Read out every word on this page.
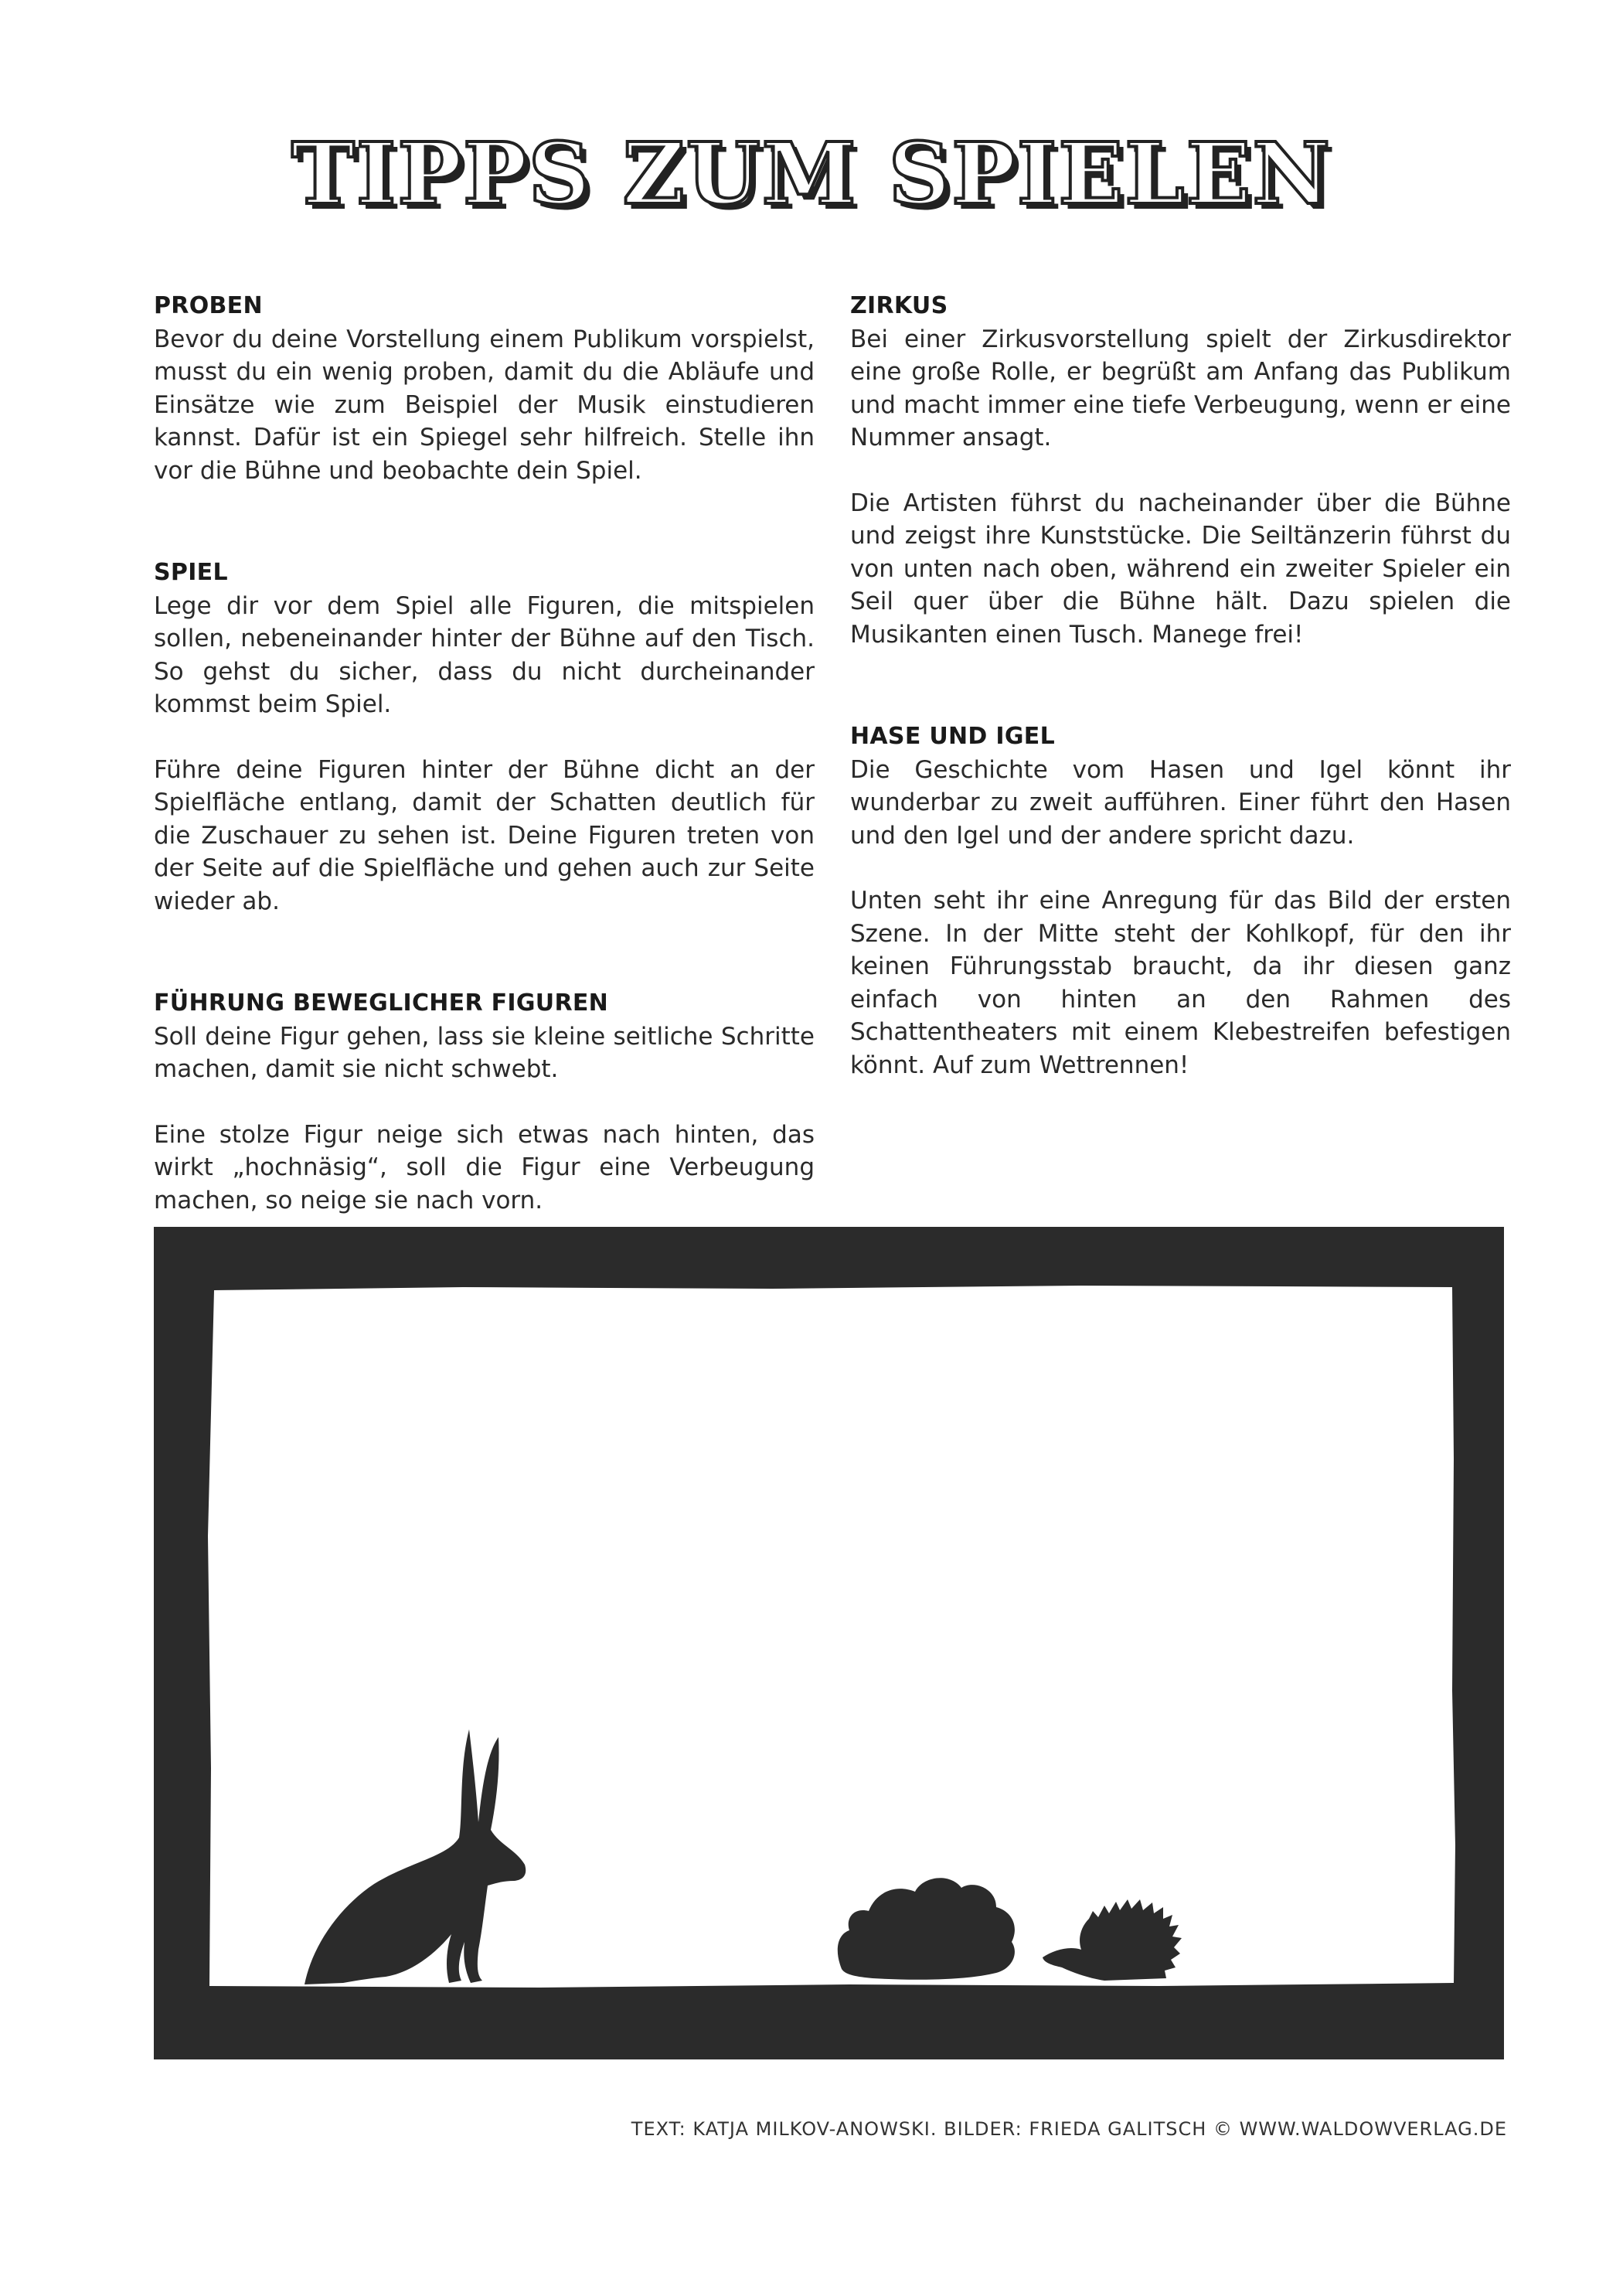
TIPPS ZUM SPIELEN
PROBEN

Bevor du deine Vorstellung einem Publikum vorspielst, musst du ein wenig proben, damit du die Abläufe und Einsätze wie zum Beispiel der Musik einstudieren kannst. Dafür ist ein Spiegel sehr hilfreich. Stelle ihn vor die Bühne und beobachte dein Spiel.

SPIEL

Lege dir vor dem Spiel alle Figuren, die mitspielen sollen, nebeneinander hinter der Bühne auf den Tisch. So gehst du sicher, dass du nicht durcheinander kommst beim Spiel.

Führe deine Figuren hinter der Bühne dicht an der Spielfläche entlang, damit der Schatten deutlich für die Zuschauer zu sehen ist. Deine Figuren treten von der Seite auf die Spielfläche und gehen auch zur Seite wieder ab.

FÜHRUNG BEWEGLICHER FIGUREN

Soll deine Figur gehen, lass sie kleine seitliche Schritte machen, damit sie nicht schwebt.

Eine stolze Figur neige sich etwas nach hinten, das wirkt „hochnäsig“, soll die Figur eine Verbeugung machen, so neige sie nach vorn.

ZIRKUS

Bei einer Zirkusvorstellung spielt der Zirkusdirektor eine große Rolle, er begrüßt am Anfang das Publikum und macht immer eine tiefe Verbeugung, wenn er eine Nummer ansagt.

Die Artisten führst du nacheinander über die Bühne und zeigst ihre Kunststücke. Die Seiltänzerin führst du von unten nach oben, während ein zweiter Spieler ein Seil quer über die Bühne hält. Dazu spielen die Musikanten einen Tusch. Manege frei!

HASE UND IGEL

Die Geschichte vom Hasen und Igel könnt ihr wunderbar zu zweit aufführen. Einer führt den Hasen und den Igel und der andere spricht dazu.

Unten seht ihr eine Anregung für das Bild der ersten Szene. In der Mitte steht der Kohlkopf, für den ihr keinen Führungsstab braucht, da ihr diesen ganz einfach von hinten an den Rahmen des Schattentheaters mit einem Klebestreifen befestigen könnt. Auf zum Wettrennen!

TEXT: KATJA MILKOV-ANOWSKI. BILDER: FRIEDA GALITSCH © WWW.WALDOWVERLAG.DE
